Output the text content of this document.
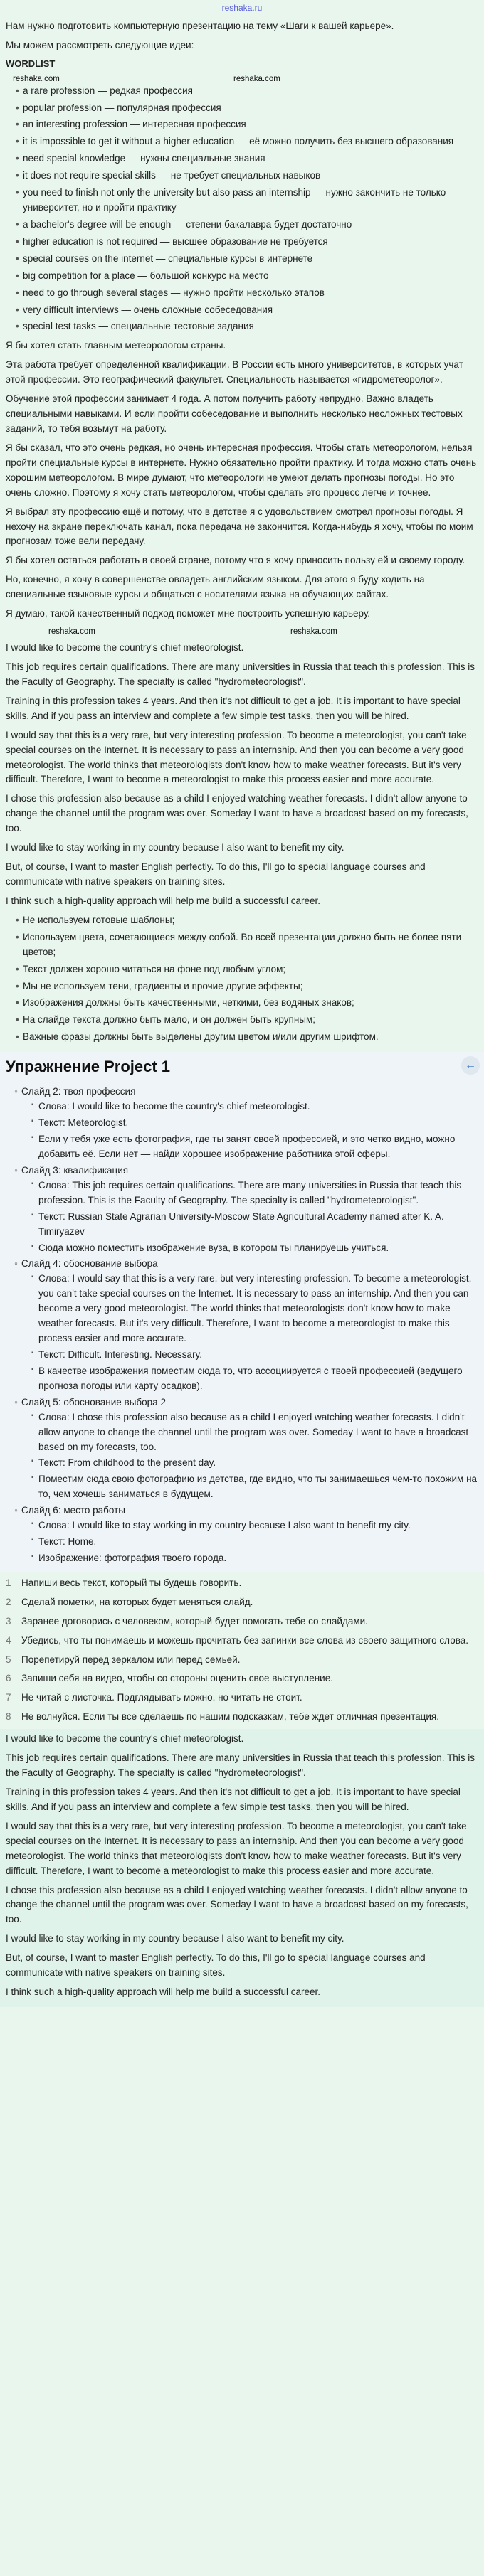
reshaka.ru

Нам нужно подготовить компьютерную презентацию на тему «Шаги к вашей карьере».

Мы можем рассмотреть следующие идеи:

WORDLIST
reshaka.com	reshaka.com
• a rare profession — редкая профессия
• popular profession — популярная профессия
• an interesting profession — интересная профессия
• it is impossible to get it without a higher education — её можно получить без высшего образования
• need special knowledge — нужны специальные знания
• it does not require special skills — не требует специальных навыков
• you need to finish not only the university but also pass an internship — нужно закончить не только университет, но и пройти практику
• a bachelor's degree will be enough — степени бакалавра будет достаточно
• higher education is not required — высшее образование не требуется
• special courses on the internet — специальные курсы в интернете
• big competition for a place — большой конкурс на место
• need to go through several stages — нужно пройти несколько этапов
• very difficult interviews — очень сложные собеседования
• special test tasks — специальные тестовые задания

Я бы хотел стать главным метеорологом страны.

Эта работа требует определенной квалификации. В России есть много университетов, в которых учат этой профессии. Это географический факультет. Специальность называется «гидрометеоролог».

Обучение этой профессии занимает 4 года. А потом получить работу непрудно. Важно владеть специальными навыками. И если пройти собеседование и выполнить несколько несложных тестовых заданий, то тебя возьмут на работу.

Я бы сказал, что это очень редкая, но очень интересная профессия. Чтобы стать метеорологом, нельзя пройти специальные курсы в интернете. Нужно обязательно пройти практику. И тогда можно стать очень хорошим метеорологом. В мире думают, что метеорологи не умеют делать прогнозы погоды. Но это очень сложно. Поэтому я хочу стать метеорологом, чтобы сделать это процесс легче и точнее.

Я выбрал эту профессию ещё и потому, что в детстве я с удовольствием смотрел прогнозы погоды. Я нехочу на экране переключать канал, пока передача не закончится. Когда-нибудь я хочу, чтобы по моим прогнозам тоже вели передачу.

Я бы хотел остаться работать в своей стране, потому что я хочу приносить пользу ей и своему городу.

Но, конечно, я хочу в совершенстве овладеть английским языком. Для этого я буду ходить на специальные языковые курсы и общаться с носителями языка на обучающих сайтах.

Я думаю, такой качественный подход поможет мне построить успешную карьеру.

reshaka.com	reshaka.com

I would like to become the country's chief meteorologist.

This job requires certain qualifications. There are many universities in Russia that teach this profession. This is the Faculty of Geography. The specialty is called "hydrometeorologist".

Training in this profession takes 4 years. And then it's not difficult to get a job. It is important to have special skills. And if you pass an interview and complete a few simple test tasks, then you will be hired.

I would say that this is a very rare, but very interesting profession. To become a meteorologist, you can't take special courses on the Internet. It is necessary to pass an internship. And then you can become a very good meteorologist. The world thinks that meteorologists don't know how to make weather forecasts. But it's very difficult. Therefore, I want to become a meteorologist to make this process easier and more accurate.

I chose this profession also because as a child I enjoyed watching weather forecasts. I didn't allow anyone to change the channel until the program was over. Someday I want to have a broadcast based on my forecasts, too.

I would like to stay working in my country because I also want to benefit my city.

But, of course, I want to master English perfectly. To do this, I'll go to special language courses and communicate with native speakers on training sites.

I think such a high-quality approach will help me build a successful career.

• Не используем готовые шаблоны;
• Используем цвета, сочетающиеся между собой. Во всей презентации должно быть не более пяти цветов;
• Текст должен хорошо читаться на фоне под любым углом;
• Мы не используем тени, градиенты и прочие другие эффекты;
• Изображения должны быть качественными, четкими, без водяных знаков;
• На слайде текста должно быть мало, и он должен быть крупным;
• Важные фразы должны быть выделены другим цветом и/или другим шрифтом.
Упражнение Project 1	←
◦ Слайд 2: твоя профессия
▪ Слова: I would like to become the country's chief meteorologist.
▪ Текст: Meteorologist.
▪ Если у тебя уже есть фотография, где ты занят своей профессией, и это четко видно, можно добавить её. Если нет — найди хорошее изображение работника этой сферы.
◦ Слайд 3: квалификация
▪ Слова: This job requires certain qualifications. There are many universities in Russia that teach this profession. This is the Faculty of Geography. The specialty is called "hydrometeorologist".
▪ Текст: Russian State Agrarian University-Moscow State Agricultural Academy named after K. A. Timiryazev
▪ Сюда можно поместить изображение вуза, в котором ты планируешь учиться.
◦ Слайд 4: обоснование выбора
▪ Слова: I would say that this is a very rare, but very interesting profession. To become a meteorologist, you can't take special courses on the Internet. It is necessary to pass an internship. And then you can become a very good meteorologist. The world thinks that meteorologists don't know how to make weather forecasts. But it's very difficult. Therefore, I want to become a meteorologist to make this process easier and more accurate.
▪ Текст: Difficult. Interesting. Necessary.
▪ В качестве изображения поместим сюда то, что ассоциируется с твоей профессией (ведущего прогноза погоды или карту осадков).
◦ Слайд 5: обоснование выбора 2
▪ Слова: I chose this profession also because as a child I enjoyed watching weather forecasts. I didn't allow anyone to change the channel until the program was over. Someday I want to have a broadcast based on my forecasts, too.
▪ Текст: From childhood to the present day.
▪ Поместим сюда свою фотографию из детства, где видно, что ты занимаешься чем-то похожим на то, чем хочешь заниматься в будущем.
◦ Слайд 6: место работы
▪ Слова: I would like to stay working in my country because I also want to benefit my city.
▪ Текст: Home.
▪ Изображение: фотография твоего города.
1	Напиши весь текст, который ты будешь говорить.
2	Сделай пометки, на которых будет меняться слайд.
3	Заранее договорись с человеком, который будет помогать тебе со слайдами.
4	Убедись, что ты понимаешь и можешь прочитать без запинки все слова из своего защитного слова.
5	Порепетируй перед зеркалом или перед семьей.
6	Запиши себя на видео, чтобы со стороны оценить свое выступление.
7	Не читай с листочка. Подглядывать можно, но читать не стоит.
8	Не волнуйся. Если ты все сделаешь по нашим подсказкам, тебе ждет отличная презентация.

I would like to become the country's chief meteorologist.

This job requires certain qualifications. There are many universities in Russia that teach this profession. This is the Faculty of Geography. The specialty is called "hydrometeorologist".

Training in this profession takes 4 years. And then it's not difficult to get a job. It is important to have special skills. And if you pass an interview and complete a few simple test tasks, then you will be hired.

I would say that this is a very rare, but very interesting profession. To become a meteorologist, you can't take special courses on the Internet. It is necessary to pass an internship. And then you can become a very good meteorologist. The world thinks that meteorologists don't know how to make weather forecasts. But it's very difficult. Therefore, I want to become a meteorologist to make this process easier and more accurate.

I chose this profession also because as a child I enjoyed watching weather forecasts. I didn't allow anyone to change the channel until the program was over. Someday I want to have a broadcast based on my forecasts, too.

I would like to stay working in my country because I also want to benefit my city.

But, of course, I want to master English perfectly. To do this, I'll go to special language courses and communicate with native speakers on training sites.

I think such a high-quality approach will help me build a successful career.
